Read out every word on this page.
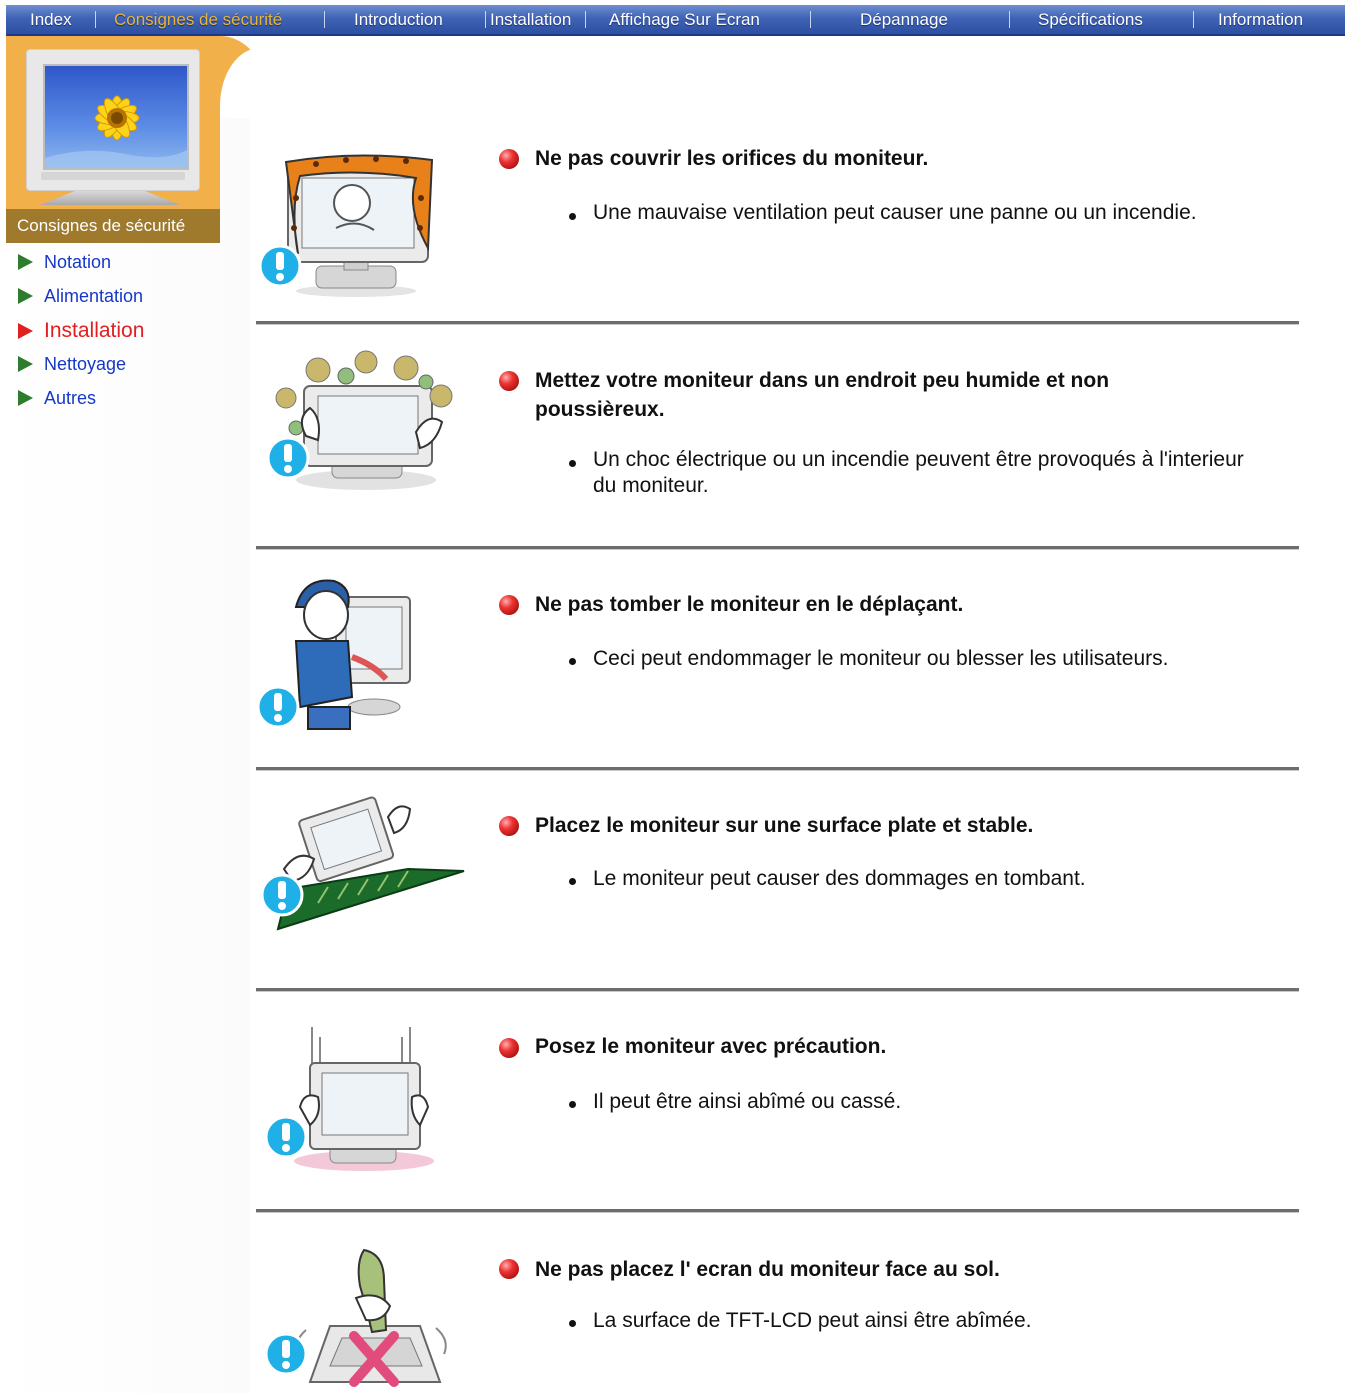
Index Consignes de sécurité	Introduction	Installation Affichage Sur Ecran	Dépannage	Spécifications	Information
Consignes de sécurité
Notation
Alimentation
Installation
Nettoyage
Autres
Ne pas couvrir les orifices du moniteur.
Une mauvaise ventilation peut causer une panne ou un incendie.
Mettez votre moniteur dans un endroit peu humide et non poussièreux.
Un choc électrique ou un incendie peuvent être provoqués à l'interieur du moniteur.
Ne pas tomber le moniteur en le déplaçant.
Ceci peut endommager le moniteur ou blesser les utilisateurs.
Placez le moniteur sur une surface plate et stable.
Le moniteur peut causer des dommages en tombant.
Posez le moniteur avec précaution.
Il peut être ainsi abîmé ou cassé.
Ne pas placez l' ecran du moniteur face au sol.
La surface de TFT-LCD peut ainsi être abîmée.
